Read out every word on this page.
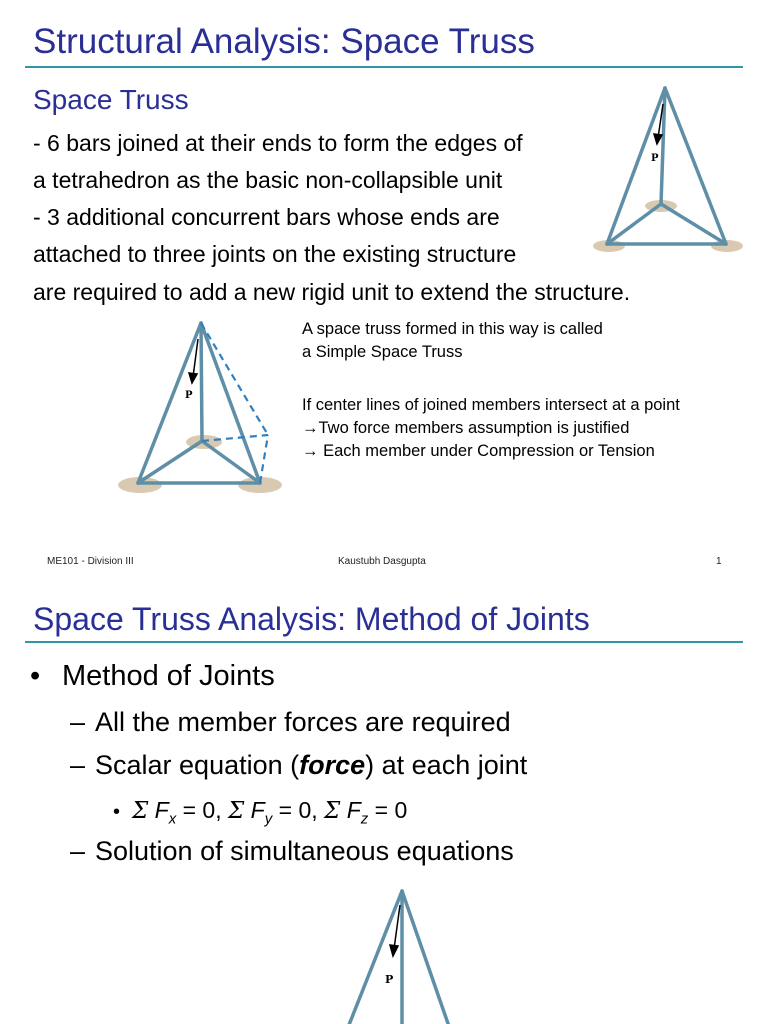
Structural Analysis: Space Truss
Space Truss
- 6 bars joined at their ends to form the edges of
a tetrahedron as the basic non-collapsible unit
- 3 additional concurrent bars whose ends are
attached to three joints on the existing structure
are required to add a new rigid unit to extend the structure.
P
P
A space truss formed in this way is called
a Simple Space Truss
If center lines of joined members intersect at a point
→Two force members assumption is justified
→ Each member under Compression or Tension
ME101 - Division III	Kaustubh Dasgupta	1
Space Truss Analysis: Method of Joints
• Method of Joints
– All the member forces are required
– Scalar equation (force) at each joint
• Σ $F_x = 0$, Σ $F_y = 0$, Σ $F_z = 0$
– Solution of simultaneous equations
P
